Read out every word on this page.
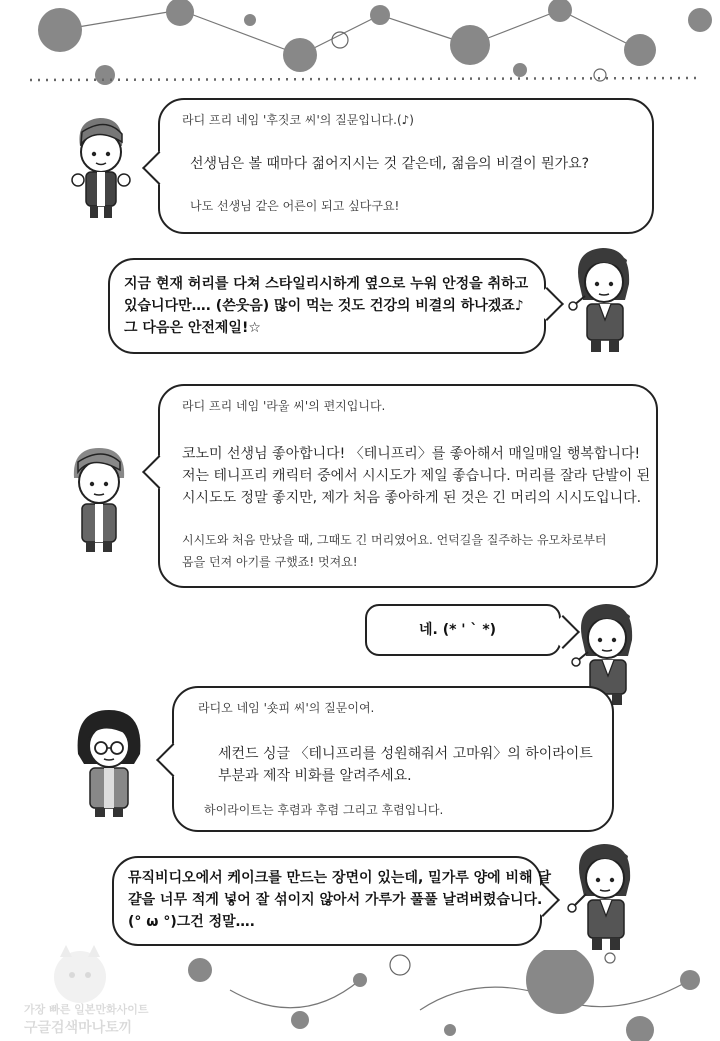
라디 프리 네임 '후짓코 씨'의 질문입니다.(♪)
선생님은 볼 때마다 젊어지시는 것 같은데, 젊음의 비결이 뭔가요?
나도 선생님 같은 어른이 되고 싶다구요!
지금 현재 허리를 다쳐 스타일리시하게 옆으로 누워 안정을 취하고
있습니다만…. (쓴웃음) 많이 먹는 것도 건강의 비결의 하나겠죠♪
그 다음은 안전제일!☆
라디 프리 네임 '라울 씨'의 편지입니다.
코노미 선생님 좋아합니다! 〈테니프리〉를 좋아해서 매일매일 행복합니다!
저는 테니프리 캐릭터 중에서 시시도가 제일 좋습니다. 머리를 잘라 단발이 된
시시도도 정말 좋지만, 제가 처음 좋아하게 된 것은 긴 머리의 시시도입니다.
시시도와 처음 만났을 때, 그때도 긴 머리였어요. 언덕길을 질주하는 유모차로부터
몸을 던져 아기를 구했죠! 멋져요!
네. (* ' ` *)
라디오 네임 '숏피 씨'의 질문이여.
세컨드 싱글 〈테니프리를 성원해줘서 고마워〉의 하이라이트
부분과 제작 비화를 알려주세요.
하이라이트는 후렴과 후렴 그리고 후렴입니다.
뮤직비디오에서 케이크를 만드는 장면이 있는데, 밀가루 양에 비해 달
걀을 너무 적게 넣어 잘 섞이지 않아서 가루가 풀풀 날려버렸습니다.
(° ω °)그건 정말….
가장 빠른 일본만화사이트
구글검색마나토끼
